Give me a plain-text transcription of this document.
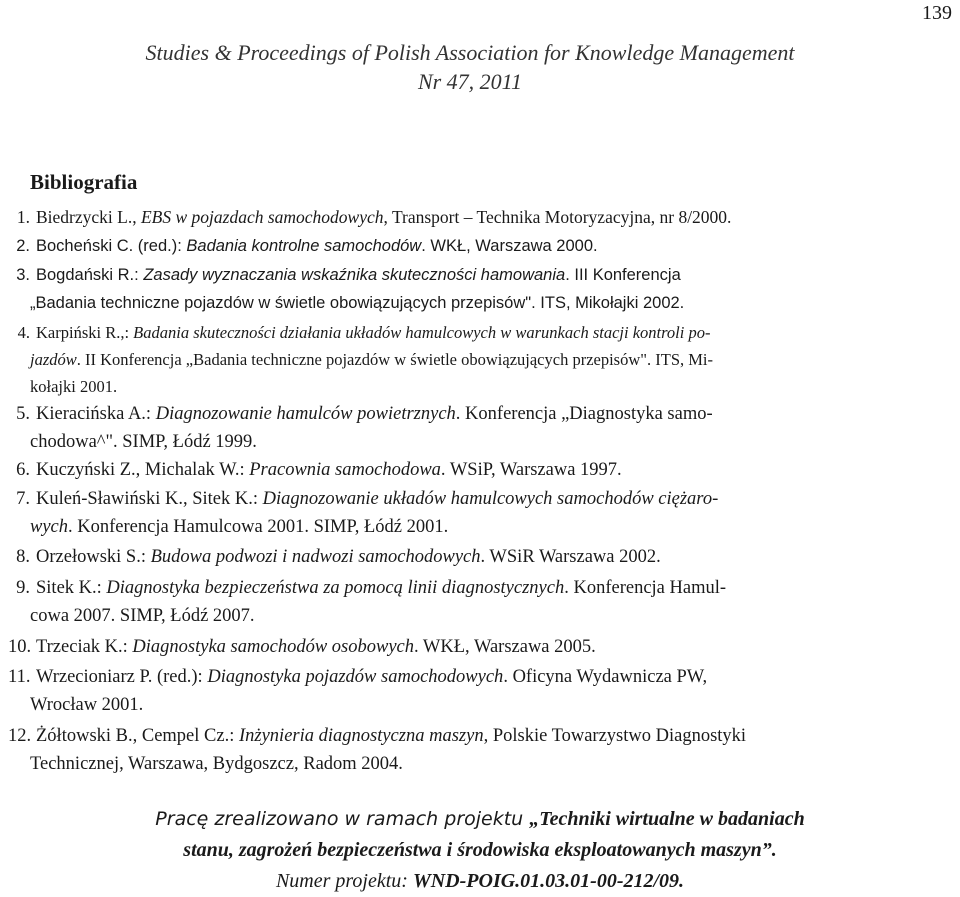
139
Studies & Proceedings of Polish Association for Knowledge Management
Nr 47, 2011
Bibliografia
1. Biedrzycki L., EBS w pojazdach samochodowych, Transport – Technika Motoryzacyjna, nr 8/2000.
2. Bocheński C. (red.): Badania kontrolne samochodów. WKŁ, Warszawa 2000.
3. Bogdański R.: Zasady wyznaczania wskaźnika skuteczności hamowania. III Konferencja
„Badania techniczne pojazdów w świetle obowiązujących przepisów". ITS, Mikołajki 2002.
4. Karpiński R.,: Badania skuteczności działania układów hamulcowych w warunkach stacji kontroli po-
jazdów. II Konferencja „Badania techniczne pojazdów w świetle obowiązujących przepisów". ITS, Mi-
kołajki 2001.
5. Kieracińska A.: Diagnozowanie hamulców powietrznych. Konferencja „Diagnostyka samo-
chodowa^". SIMP, Łódź 1999.
6. Kuczyński Z., Michalak W.: Pracownia samochodowa. WSiP, Warszawa 1997.
7. Kuleń-Sławiński K., Sitek K.: Diagnozowanie układów hamulcowych samochodów ciężaro-
wych. Konferencja Hamulcowa 2001. SIMP, Łódź 2001.
8. Orzełowski S.: Budowa podwozi i nadwozi samochodowych. WSiR Warszawa 2002.
9. Sitek K.: Diagnostyka bezpieczeństwa za pomocą linii diagnostycznych. Konferencja Hamul-
cowa 2007. SIMP, Łódź 2007.
10. Trzeciak K.: Diagnostyka samochodów osobowych. WKŁ, Warszawa 2005.
11. Wrzecioniarz P. (red.): Diagnostyka pojazdów samochodowych. Oficyna Wydawnicza PW,
Wrocław 2001.
12. Żółtowski B., Cempel Cz.: Inżynieria diagnostyczna maszyn, Polskie Towarzystwo Diagnostyki
Technicznej, Warszawa, Bydgoszcz, Radom 2004.
Pracę zrealizowano w ramach projektu „Techniki wirtualne w badaniach
stanu, zagrożeń bezpieczeństwa i środowiska eksploatowanych maszyn”.
Numer projektu: WND-POIG.01.03.01-00-212/09.
